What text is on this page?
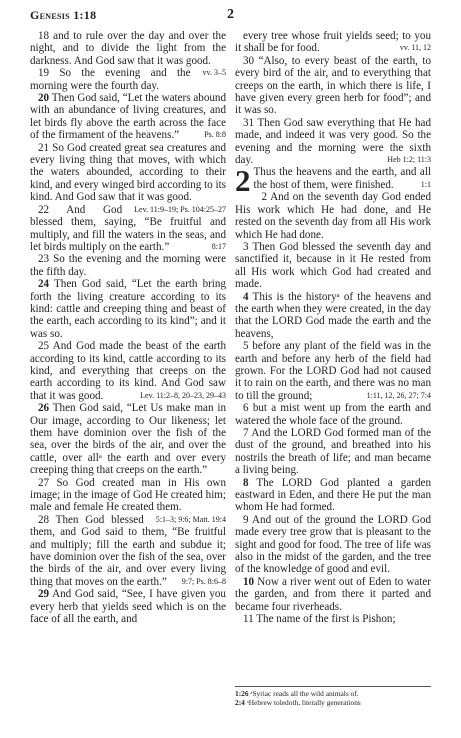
Genesis 1:18	2

18 and to rule over the day and over the night, and to divide the light from the darkness. And God saw that it was good.
vv. 3–5

19 So the evening and the morning were the fourth day.

20 Then God said, “Let the waters abound with an abundance of living creatures, and let birds fly above the earth across the face of the firmament of the heavens.”	Ps. 8:8

21 So God created great sea creatures and every living thing that moves, with which the waters abounded, according to their kind, and every winged bird according to its kind. And God saw that it was good.
Lev. 11:9–19; Ps. 104:25–27

22 And God blessed them, saying, “Be fruitful and multiply, and fill the waters in the seas, and let birds multiply on the earth.”	8:17

23 So the evening and the morning were the fifth day.

24 Then God said, “Let the earth bring forth the living creature according to its kind: cattle and creeping thing and beast of the earth, each according to its kind”; and it was so.

25 And God made the beast of the earth according to its kind, cattle according to its kind, and everything that creeps on the earth according to its kind. And God saw that it was good.	Lev. 11:2–8, 20–23, 29–43

26 Then God said, “Let Us make man in Our image, according to Our likeness; let them have dominion over the fish of the sea, over the birds of the air, and over the cattle, over allᵃ the earth and over every creeping thing that creeps on the earth.”

27 So God created man in His own image; in the image of God He created him; male and female He created them.
5:1–3; 9:6; Matt. 19:4

28 Then God blessed them, and God said to them, “Be fruitful and multiply; fill the earth and subdue it; have dominion over the fish of the sea, over the birds of the air, and over every living thing that moves on the earth.”	9:7; Ps. 8:6–8

29 And God said, “See, I have given you every herb that yields seed which is on the face of all the earth, and

every tree whose fruit yields seed; to you it shall be for food.	vv. 11, 12

30 “Also, to every beast of the earth, to every bird of the air, and to everything that creeps on the earth, in which there is life, I have given every green herb for food”; and it was so.

31 Then God saw everything that He had made, and indeed it was very good. So the evening and the morning were the sixth day.	Heb 1:2; 11:3

2 Thus the heavens and the earth, and all the host of them, were finished.	1:1

2 And on the seventh day God ended His work which He had done, and He rested on the seventh day from all His work which He had done.

3 Then God blessed the seventh day and sanctified it, because in it He rested from all His work which God had created and made.

4 This is the historyᵃ of the heavens and the earth when they were created, in the day that the LORD God made the earth and the heavens,

5 before any plant of the field was in the earth and before any herb of the field had grown. For the LORD God had not caused it to rain on the earth, and there was no man to till the ground;	1:11, 12, 26, 27; 7:4

6 but a mist went up from the earth and watered the whole face of the ground.

7 And the LORD God formed man of the dust of the ground, and breathed into his nostrils the breath of life; and man became a living being.

8 The LORD God planted a garden eastward in Eden, and there He put the man whom He had formed.

9 And out of the ground the LORD God made every tree grow that is pleasant to the sight and good for food. The tree of life was also in the midst of the garden, and the tree of the knowledge of good and evil.

10 Now a river went out of Eden to water the garden, and from there it parted and became four riverheads.

11 The name of the first is Pishon;

1:26 ᵃSyriac reads all the wild animals of.
2:4 ᵃHebrew toledoth, literally generations
